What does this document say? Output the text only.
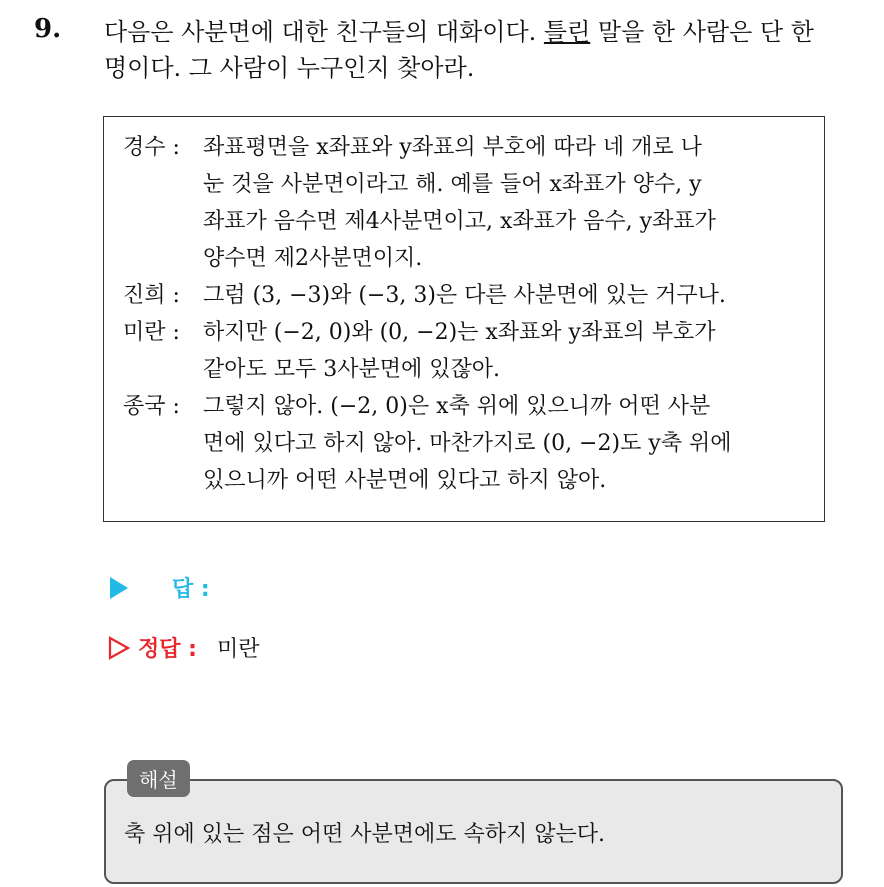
9. 다음은 사분면에 대한 친구들의 대화이다. 틀린 말을 한 사람은 단 한
명이다. 그 사람이 누구인지 찾아라.
경수 :	좌표평면을 x좌표와 y좌표의 부호에 따라 네 개로 나
눈 것을 사분면이라고 해. 예를 들어 x좌표가 양수, y
좌표가 음수면 제4사분면이고, x좌표가 음수, y좌표가
양수면 제2사분면이지.
진희 :	그럼 (3, −3)와 (−3, 3)은 다른 사분면에 있는 거구나.
미란 :	하지만 (−2, 0)와 (0, −2)는 x좌표와 y좌표의 부호가
같아도 모두 3사분면에 있잖아.
종국 :	그렇지 않아. (−2, 0)은 x축 위에 있으니까 어떤 사분
면에 있다고 하지 않아. 마찬가지로 (0, −2)도 y축 위에
있으니까 어떤 사분면에 있다고 하지 않아.
답 :
정답 : 미란
축 위에 있는 점은 어떤 사분면에도 속하지 않는다.
해설
